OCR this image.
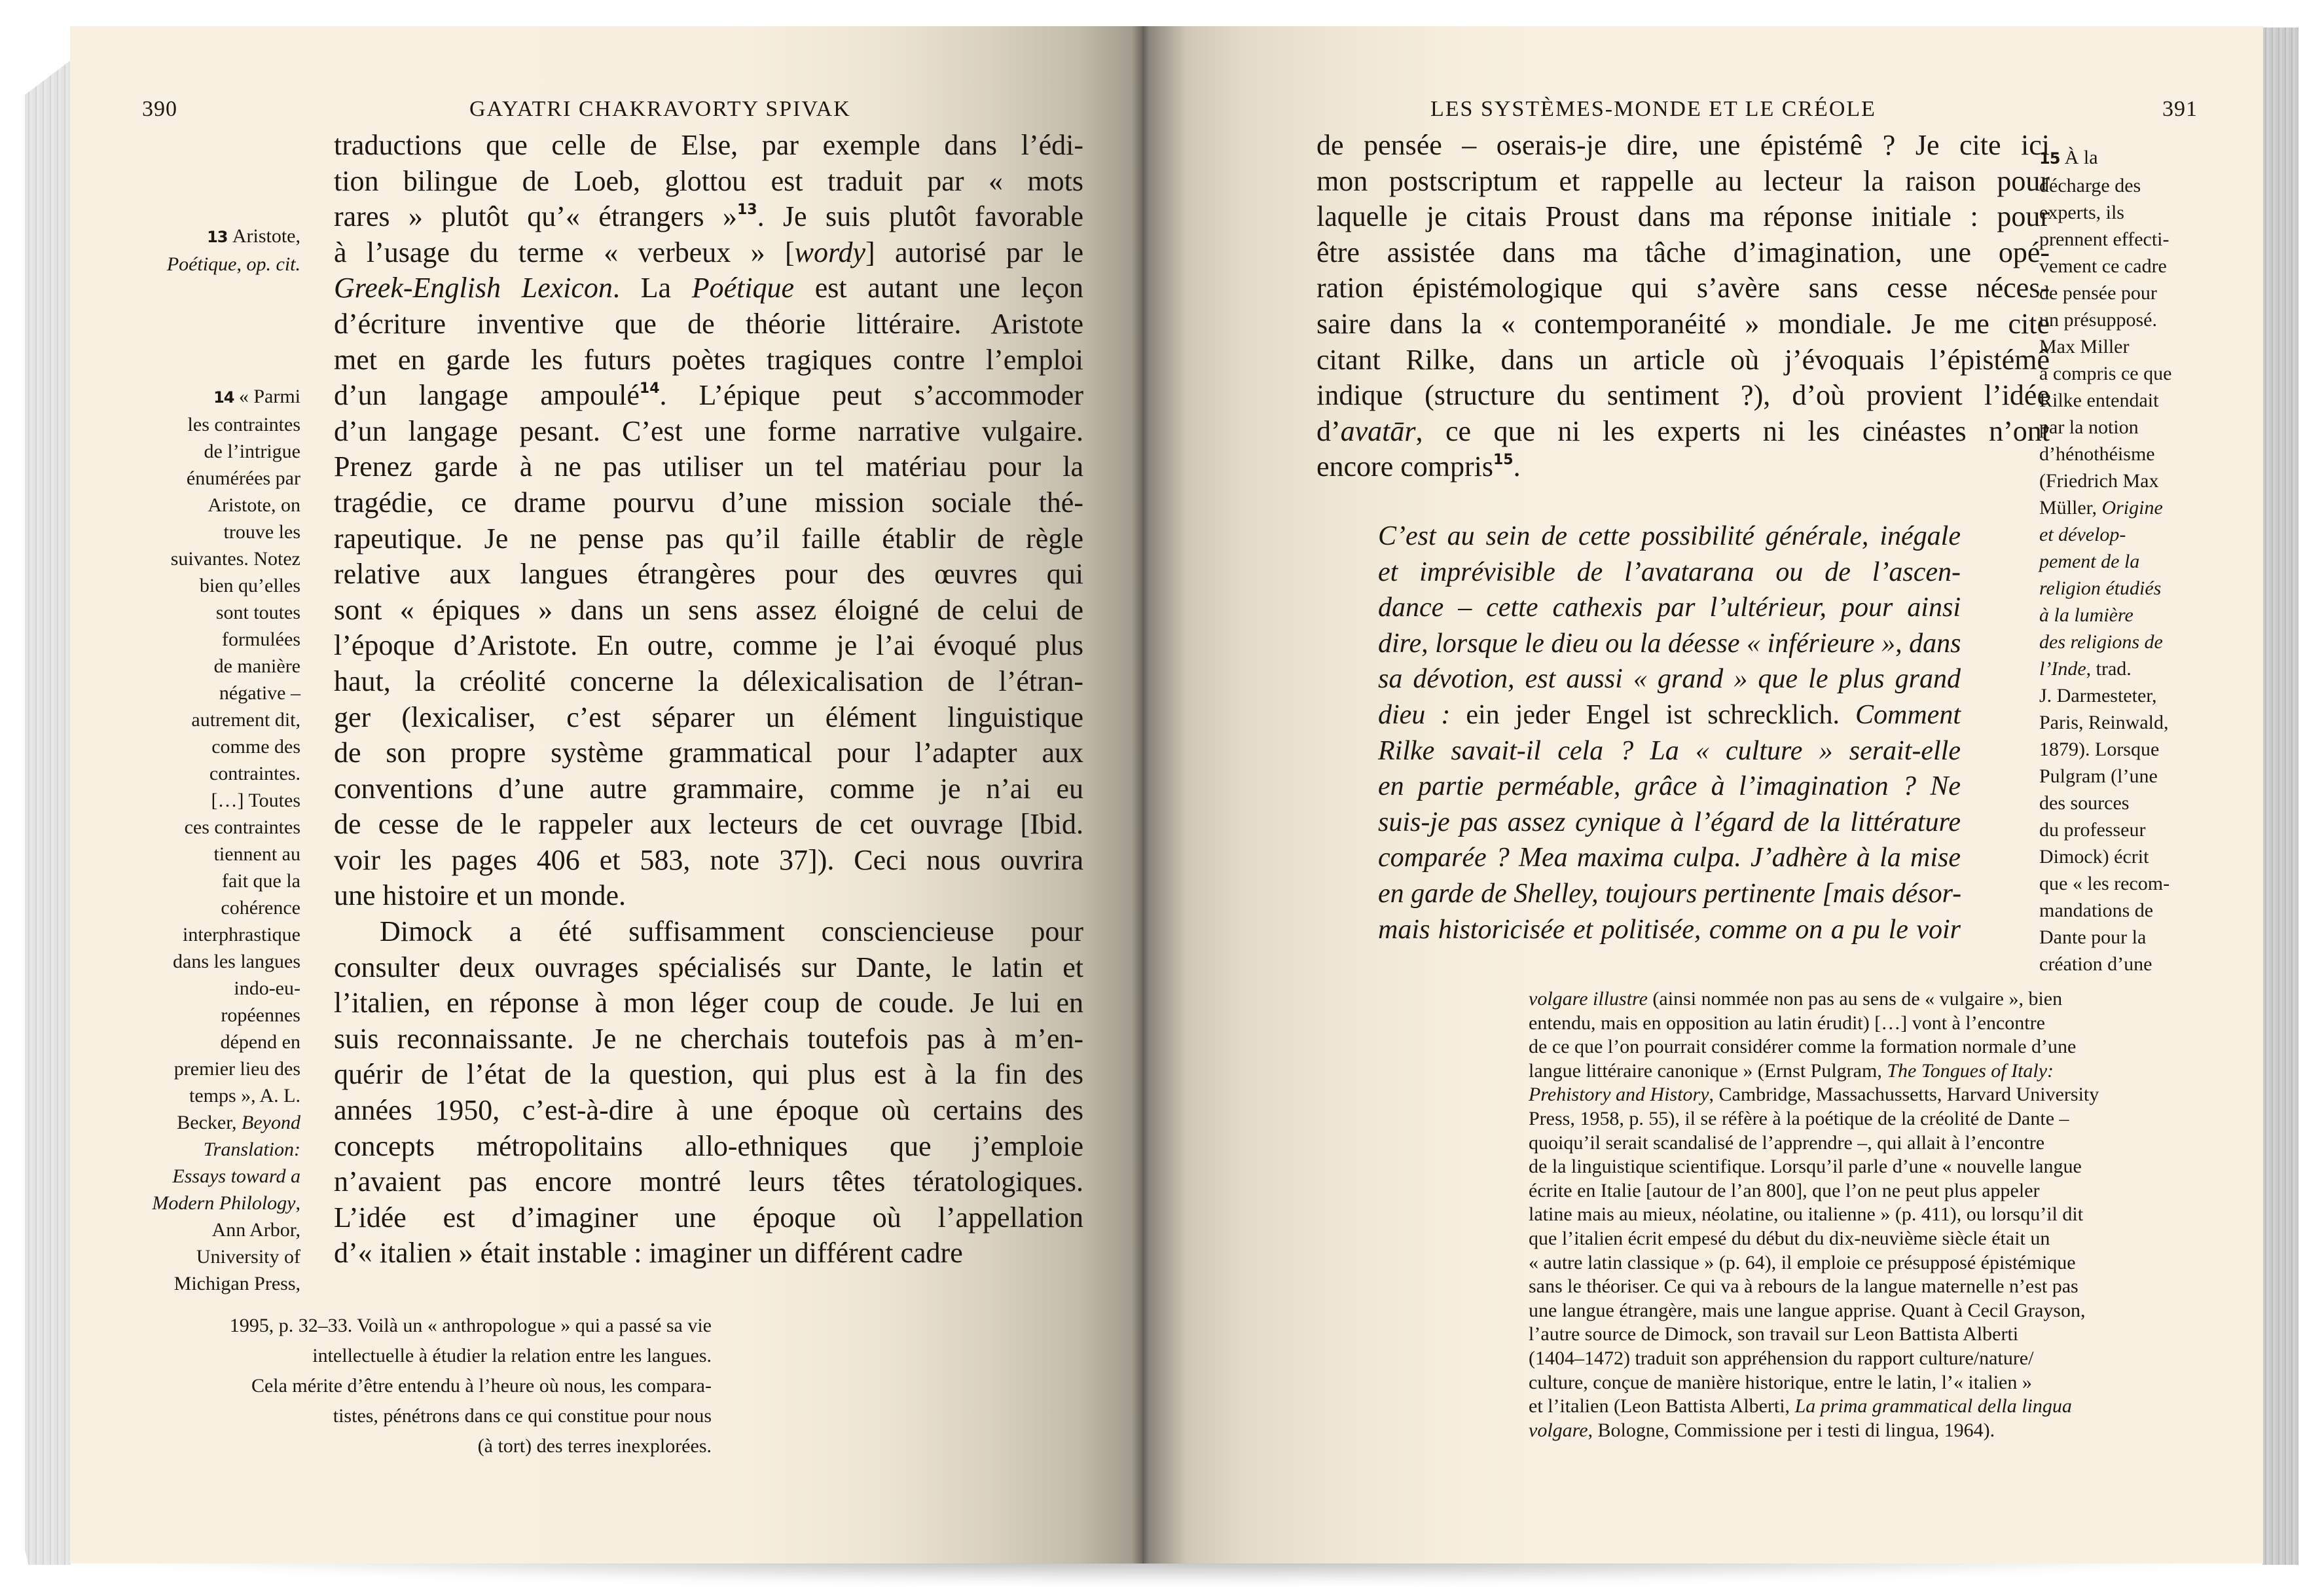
390	GAYATRI CHAKRAVORTY SPIVAK
traductions que celle de Else, par exemple dans l’édi-
tion bilingue de Loeb, glottou est traduit par « mots
rares » plutôt qu’« étrangers »$^{13}$. Je suis plutôt favorable
à l’usage du terme « verbeux » [wordy] autorisé par le
Greek-English Lexicon. La Poétique est autant une leçon
d’écriture inventive que de théorie littéraire. Aristote
met en garde les futurs poètes tragiques contre l’emploi
d’un langage ampoulé$^{14}$. L’épique peut s’accommoder
d’un langage pesant. C’est une forme narrative vulgaire.
Prenez garde à ne pas utiliser un tel matériau pour la
tragédie, ce drame pourvu d’une mission sociale thé-
rapeutique. Je ne pense pas qu’il faille établir de règle
relative aux langues étrangères pour des œuvres qui
sont « épiques » dans un sens assez éloigné de celui de
l’époque d’Aristote. En outre, comme je l’ai évoqué plus
haut, la créolité concerne la délexicalisation de l’étran-
ger (lexicaliser, c’est séparer un élément linguistique
de son propre système grammatical pour l’adapter aux
conventions d’une autre grammaire, comme je n’ai eu
de cesse de le rappeler aux lecteurs de cet ouvrage [Ibid.
voir les pages 406 et 583, note 37]). Ceci nous ouvrira
une histoire et un monde.
Dimock a été suffisamment consciencieuse pour
consulter deux ouvrages spécialisés sur Dante, le latin et
l’italien, en réponse à mon léger coup de coude. Je lui en
suis reconnaissante. Je ne cherchais toutefois pas à m’en-
quérir de l’état de la question, qui plus est à la fin des
années 1950, c’est-à-dire à une époque où certains des
concepts métropolitains allo-ethniques que j’emploie
n’avaient pas encore montré leurs têtes tératologiques.
L’idée est d’imaginer une époque où l’appellation
d’« italien » était instable : imaginer un différent cadre
13 Aristote,
Poétique, op. cit.
14 « Parmi
les contraintes
de l’intrigue
énumérées par
Aristote, on
trouve les
suivantes. Notez
bien qu’elles
sont toutes
formulées
de manière
négative –
autrement dit,
comme des
contraintes.
[…] Toutes
ces contraintes
tiennent au
fait que la
cohérence
interphrastique
dans les langues
indo-eu-
ropéennes
dépend en
premier lieu des
temps », A. L.
Becker, Beyond
Translation:
Essays toward a
Modern Philology,
Ann Arbor,
University of
Michigan Press,
1995, p. 32–33. Voilà un « anthropologue » qui a passé sa vie
intellectuelle à étudier la relation entre les langues.
Cela mérite d’être entendu à l’heure où nous, les compara-
tistes, pénétrons dans ce qui constitue pour nous
(à tort) des terres inexplorées.
LES SYSTÈMES-MONDE ET LE CRÉOLE	391
de pensée – oserais-je dire, une épistémê ? Je cite ici
mon postscriptum et rappelle au lecteur la raison pour
laquelle je citais Proust dans ma réponse initiale : pour
être assistée dans ma tâche d’imagination, une opé-
ration épistémologique qui s’avère sans cesse néces-
saire dans la « contemporanéité » mondiale. Je me cite
citant Rilke, dans un article où j’évoquais l’épistémê
indique (structure du sentiment ?), d’où provient l’idée
d’avatār, ce que ni les experts ni les cinéastes n’ont
encore compris$^{15}$.
C’est au sein de cette possibilité générale, inégale
et imprévisible de l’avatarana ou de l’ascen-
dance – cette cathexis par l’ultérieur, pour ainsi
dire, lorsque le dieu ou la déesse « inférieure », dans
sa dévotion, est aussi « grand » que le plus grand
dieu : ein jeder Engel ist schrecklich. Comment
Rilke savait-il cela ? La « culture » serait-elle
en partie perméable, grâce à l’imagination ? Ne
suis-je pas assez cynique à l’égard de la littérature
comparée ? Mea maxima culpa. J’adhère à la mise
en garde de Shelley, toujours pertinente [mais désor-
mais historicisée et politisée, comme on a pu le voir
15 À la
décharge des
experts, ils
prennent effecti-
vement ce cadre
de pensée pour
un présupposé.
Max Miller
a compris ce que
Rilke entendait
par la notion
d’hénothéisme
(Friedrich Max
Müller, Origine
et dévelop-
pement de la
religion étudiés
à la lumière
des religions de
l’Inde, trad.
J. Darmesteter,
Paris, Reinwald,
1879). Lorsque
Pulgram (l’une
des sources
du professeur
Dimock) écrit
que « les recom-
mandations de
Dante pour la
création d’une
volgare illustre (ainsi nommée non pas au sens de « vulgaire », bien
entendu, mais en opposition au latin érudit) […] vont à l’encontre
de ce que l’on pourrait considérer comme la formation normale d’une
langue littéraire canonique » (Ernst Pulgram, The Tongues of Italy:
Prehistory and History, Cambridge, Massachussetts, Harvard University
Press, 1958, p. 55), il se réfère à la poétique de la créolité de Dante –
quoiqu’il serait scandalisé de l’apprendre –, qui allait à l’encontre
de la linguistique scientifique. Lorsqu’il parle d’une « nouvelle langue
écrite en Italie [autour de l’an 800], que l’on ne peut plus appeler
latine mais au mieux, néolatine, ou italienne » (p. 411), ou lorsqu’il dit
que l’italien écrit empesé du début du dix-neuvième siècle était un
« autre latin classique » (p. 64), il emploie ce présupposé épistémique
sans le théoriser. Ce qui va à rebours de la langue maternelle n’est pas
une langue étrangère, mais une langue apprise. Quant à Cecil Grayson,
l’autre source de Dimock, son travail sur Leon Battista Alberti
(1404–1472) traduit son appréhension du rapport culture/nature/
culture, conçue de manière historique, entre le latin, l’« italien »
et l’italien (Leon Battista Alberti, La prima grammatical della lingua
volgare, Bologne, Commissione per i testi di lingua, 1964).
